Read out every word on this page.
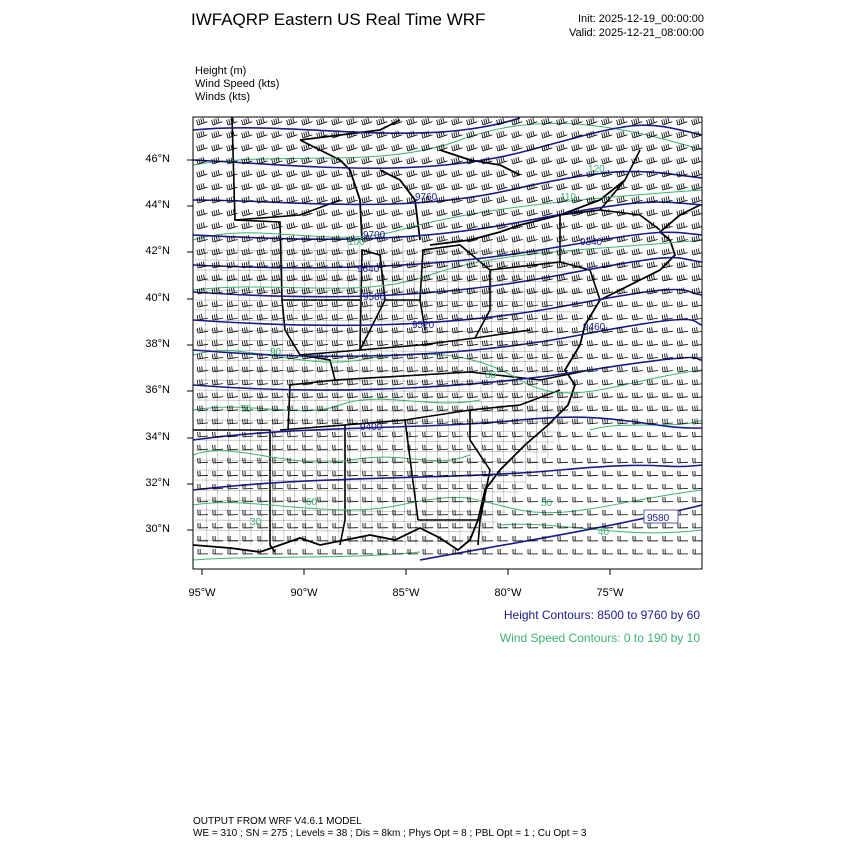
IWFAQRP Eastern US Real Time WRF	Init: 2025-12-19_00:00:00
Valid: 2025-12-21_08:00:00
Height (m)
Wind Speed (kts)
Winds (kts)
9760
9700
9640
9580
9520	9460
9400
9340
9580
120
110
100
90
80
70
60	50
40
30
46°N
44°N
42°N
40°N
38°N
36°N
34°N
32°N
30°N
95°W	90°W	85°W	80°W	75°W
Height Contours: 8500 to 9760 by 60
Wind Speed Contours: 0 to 190 by 10
OUTPUT FROM WRF V4.6.1 MODEL
WE = 310 ; SN = 275 ; Levels = 38 ; Dis = 8km ; Phys Opt = 8 ; PBL Opt = 1 ; Cu Opt = 3
